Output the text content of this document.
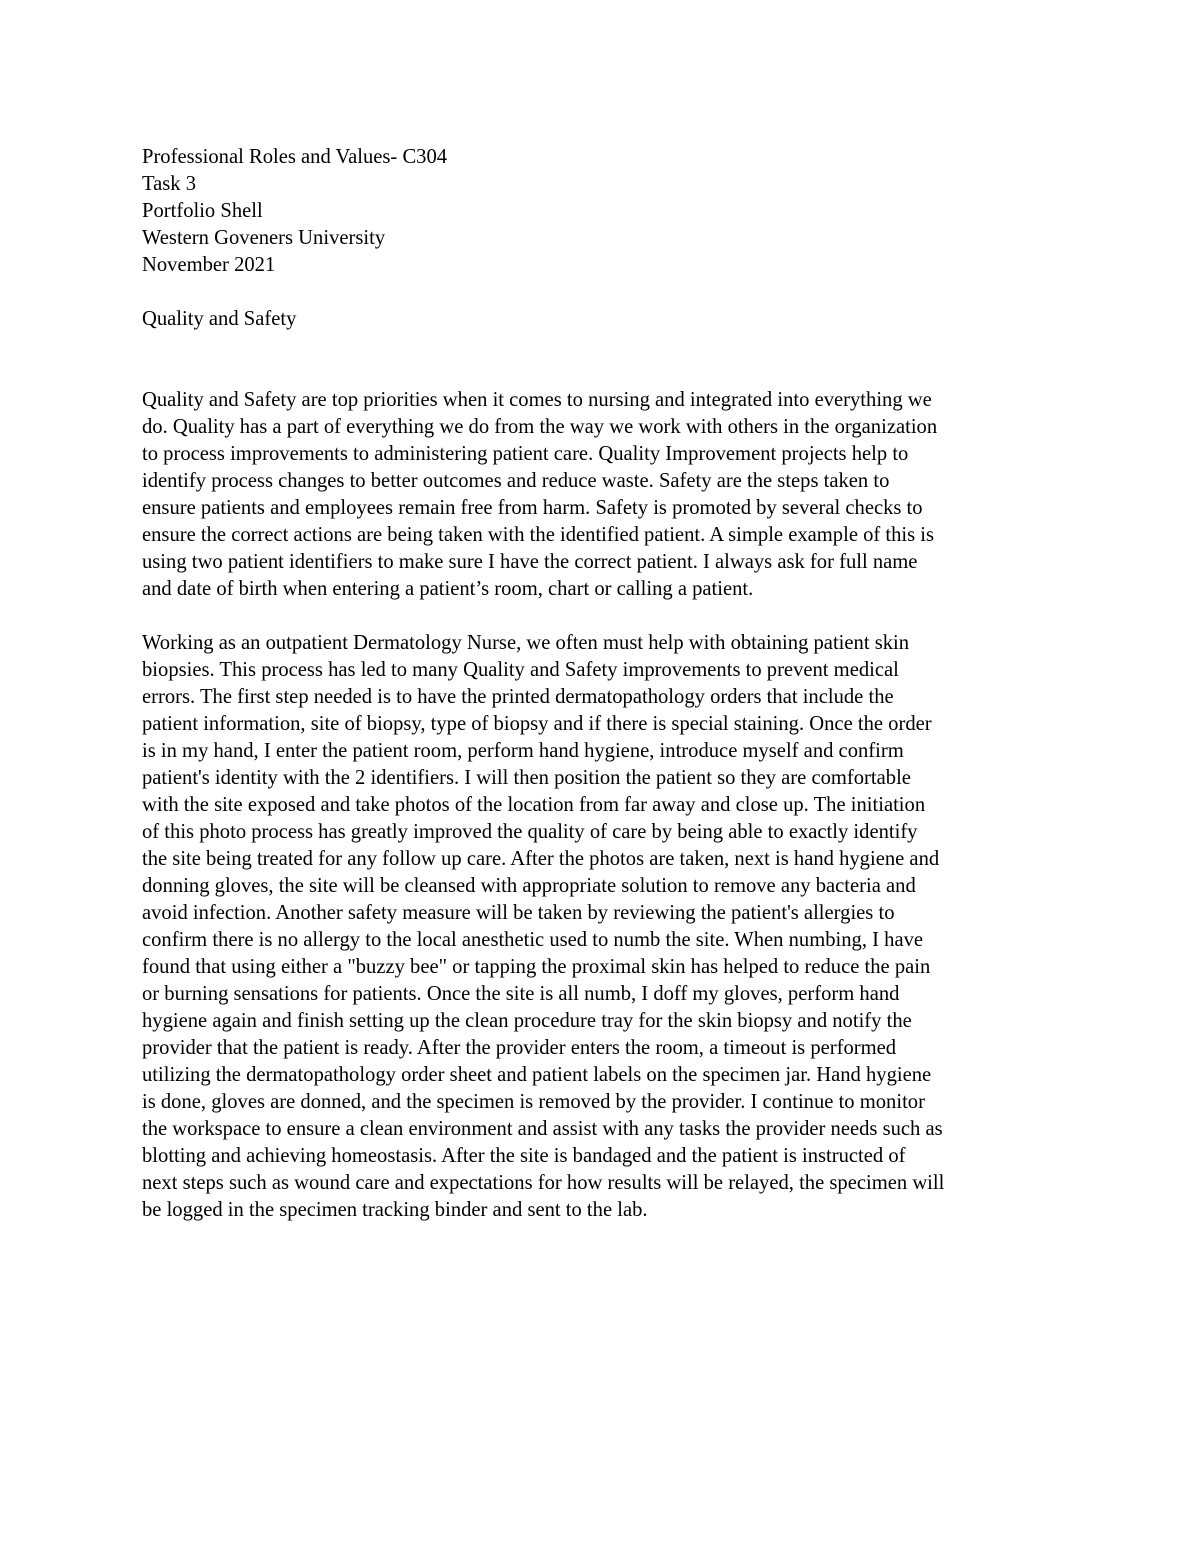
Professional Roles and Values- C304
Task 3
Portfolio Shell
Western Goveners University
November 2021
Quality and Safety
Quality and Safety are top priorities when it comes to nursing and integrated into everything we
do. Quality has a part of everything we do from the way we work with others in the organization
to process improvements to administering patient care. Quality Improvement projects help to
identify process changes to better outcomes and reduce waste. Safety are the steps taken to
ensure patients and employees remain free from harm. Safety is promoted by several checks to
ensure the correct actions are being taken with the identified patient. A simple example of this is
using two patient identifiers to make sure I have the correct patient. I always ask for full name
and date of birth when entering a patient’s room, chart or calling a patient.
Working as an outpatient Dermatology Nurse, we often must help with obtaining patient skin
biopsies. This process has led to many Quality and Safety improvements to prevent medical
errors. The first step needed is to have the printed dermatopathology orders that include the
patient information, site of biopsy, type of biopsy and if there is special staining. Once the order
is in my hand, I enter the patient room, perform hand hygiene, introduce myself and confirm
patient's identity with the 2 identifiers. I will then position the patient so they are comfortable
with the site exposed and take photos of the location from far away and close up. The initiation
of this photo process has greatly improved the quality of care by being able to exactly identify
the site being treated for any follow up care. After the photos are taken, next is hand hygiene and
donning gloves, the site will be cleansed with appropriate solution to remove any bacteria and
avoid infection. Another safety measure will be taken by reviewing the patient's allergies to
confirm there is no allergy to the local anesthetic used to numb the site. When numbing, I have
found that using either a "buzzy bee" or tapping the proximal skin has helped to reduce the pain
or burning sensations for patients. Once the site is all numb, I doff my gloves, perform hand
hygiene again and finish setting up the clean procedure tray for the skin biopsy and notify the
provider that the patient is ready. After the provider enters the room, a timeout is performed
utilizing the dermatopathology order sheet and patient labels on the specimen jar. Hand hygiene
is done, gloves are donned, and the specimen is removed by the provider. I continue to monitor
the workspace to ensure a clean environment and assist with any tasks the provider needs such as
blotting and achieving homeostasis. After the site is bandaged and the patient is instructed of
next steps such as wound care and expectations for how results will be relayed, the specimen will
be logged in the specimen tracking binder and sent to the lab.
